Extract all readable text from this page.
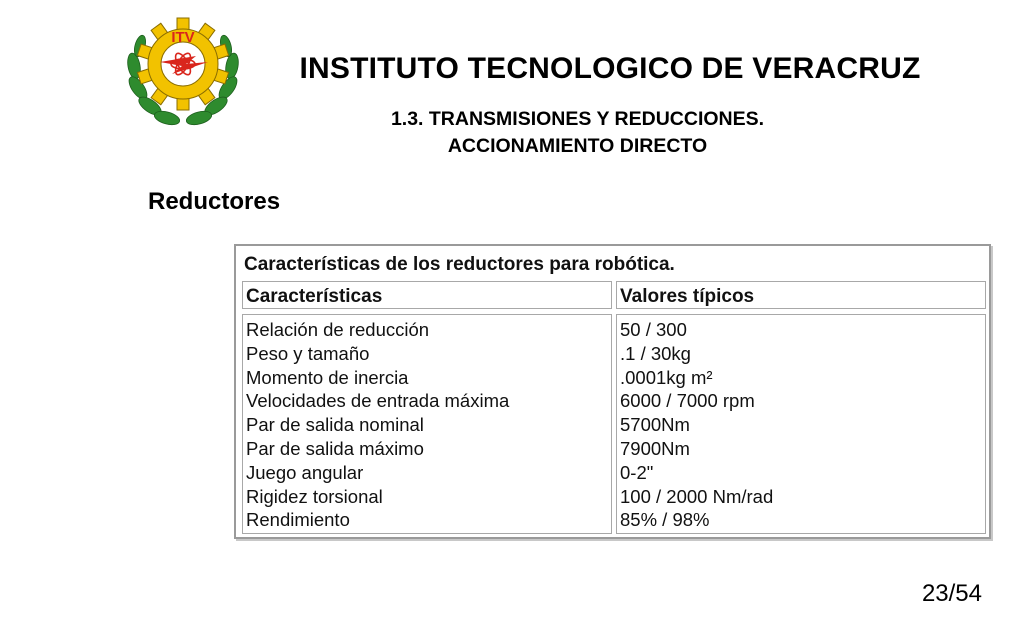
ITV
INSTITUTO TECNOLOGICO DE VERACRUZ
1.3. TRANSMISIONES Y REDUCCIONES.
ACCIONAMIENTO DIRECTO
Reductores
Características de los reductores para robótica.
Características	Valores típicos
Relación de reducción
Peso y tamaño
Momento de inercia
Velocidades de entrada máxima
Par de salida nominal
Par de salida máximo
Juego angular
Rigidez torsional
Rendimiento
50 / 300
.1 / 30kg
.0001kg m²
6000 / 7000 rpm
5700Nm
7900Nm
0-2"
100 / 2000 Nm/rad
85% / 98%
23/54
